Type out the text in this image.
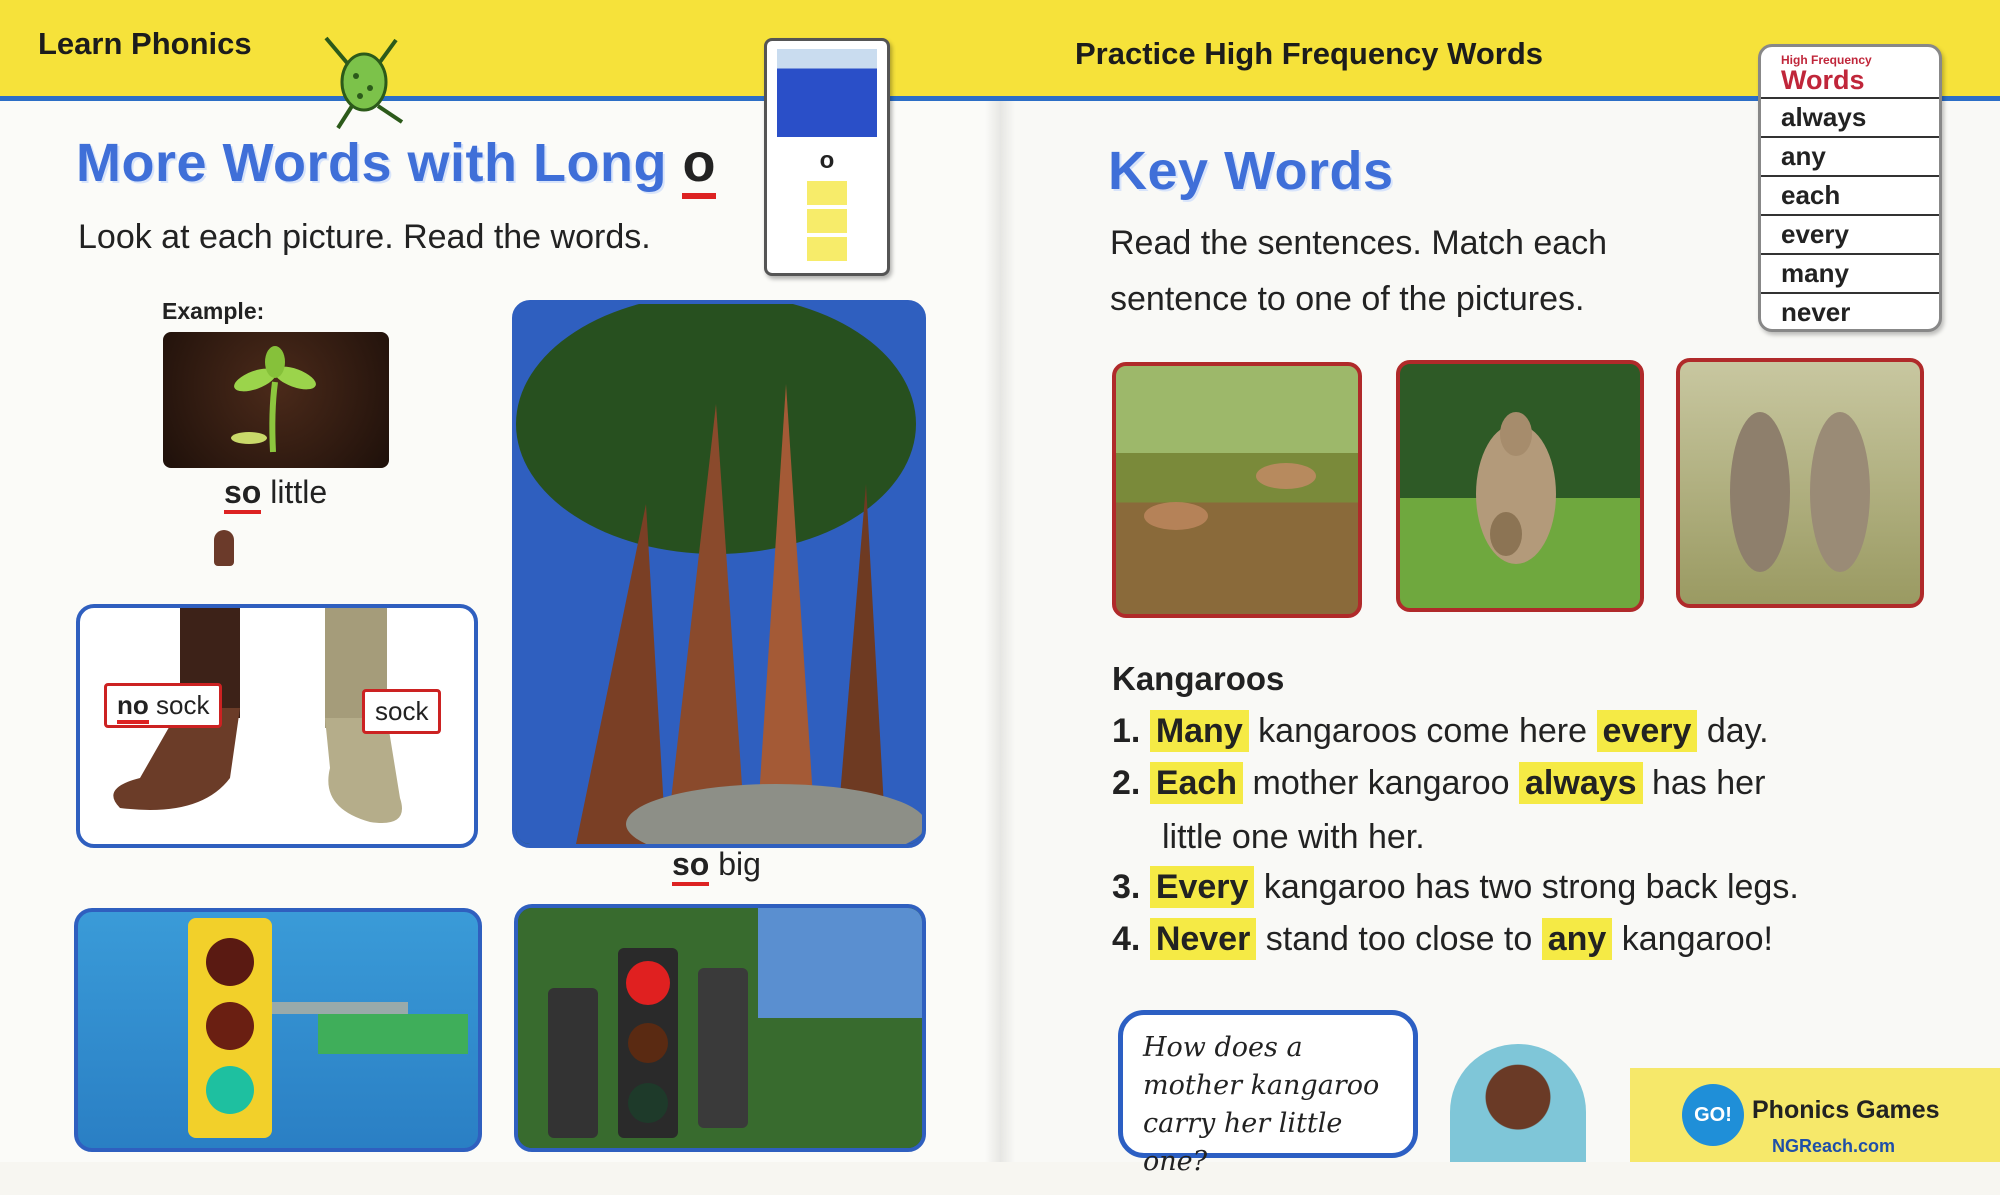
Learn Phonics	Practice High Frequency Words
o
More Words with Long o
Look at each picture. Read the words.
Example:
so little
no sock	sock
so big
Key Words
Read the sentences. Match each
sentence to one of the pictures.
High Frequency
Words
always
any
each
every
many
never
Kangaroos
1. Many kangaroos come here every day.
2. Each mother kangaroo always has her
little one with her.
3. Every kangaroo has two strong back legs.
4. Never stand too close to any kangaroo!
How does a mother kangaroo carry her little one?
GO! Phonics Games
NGReach.com
